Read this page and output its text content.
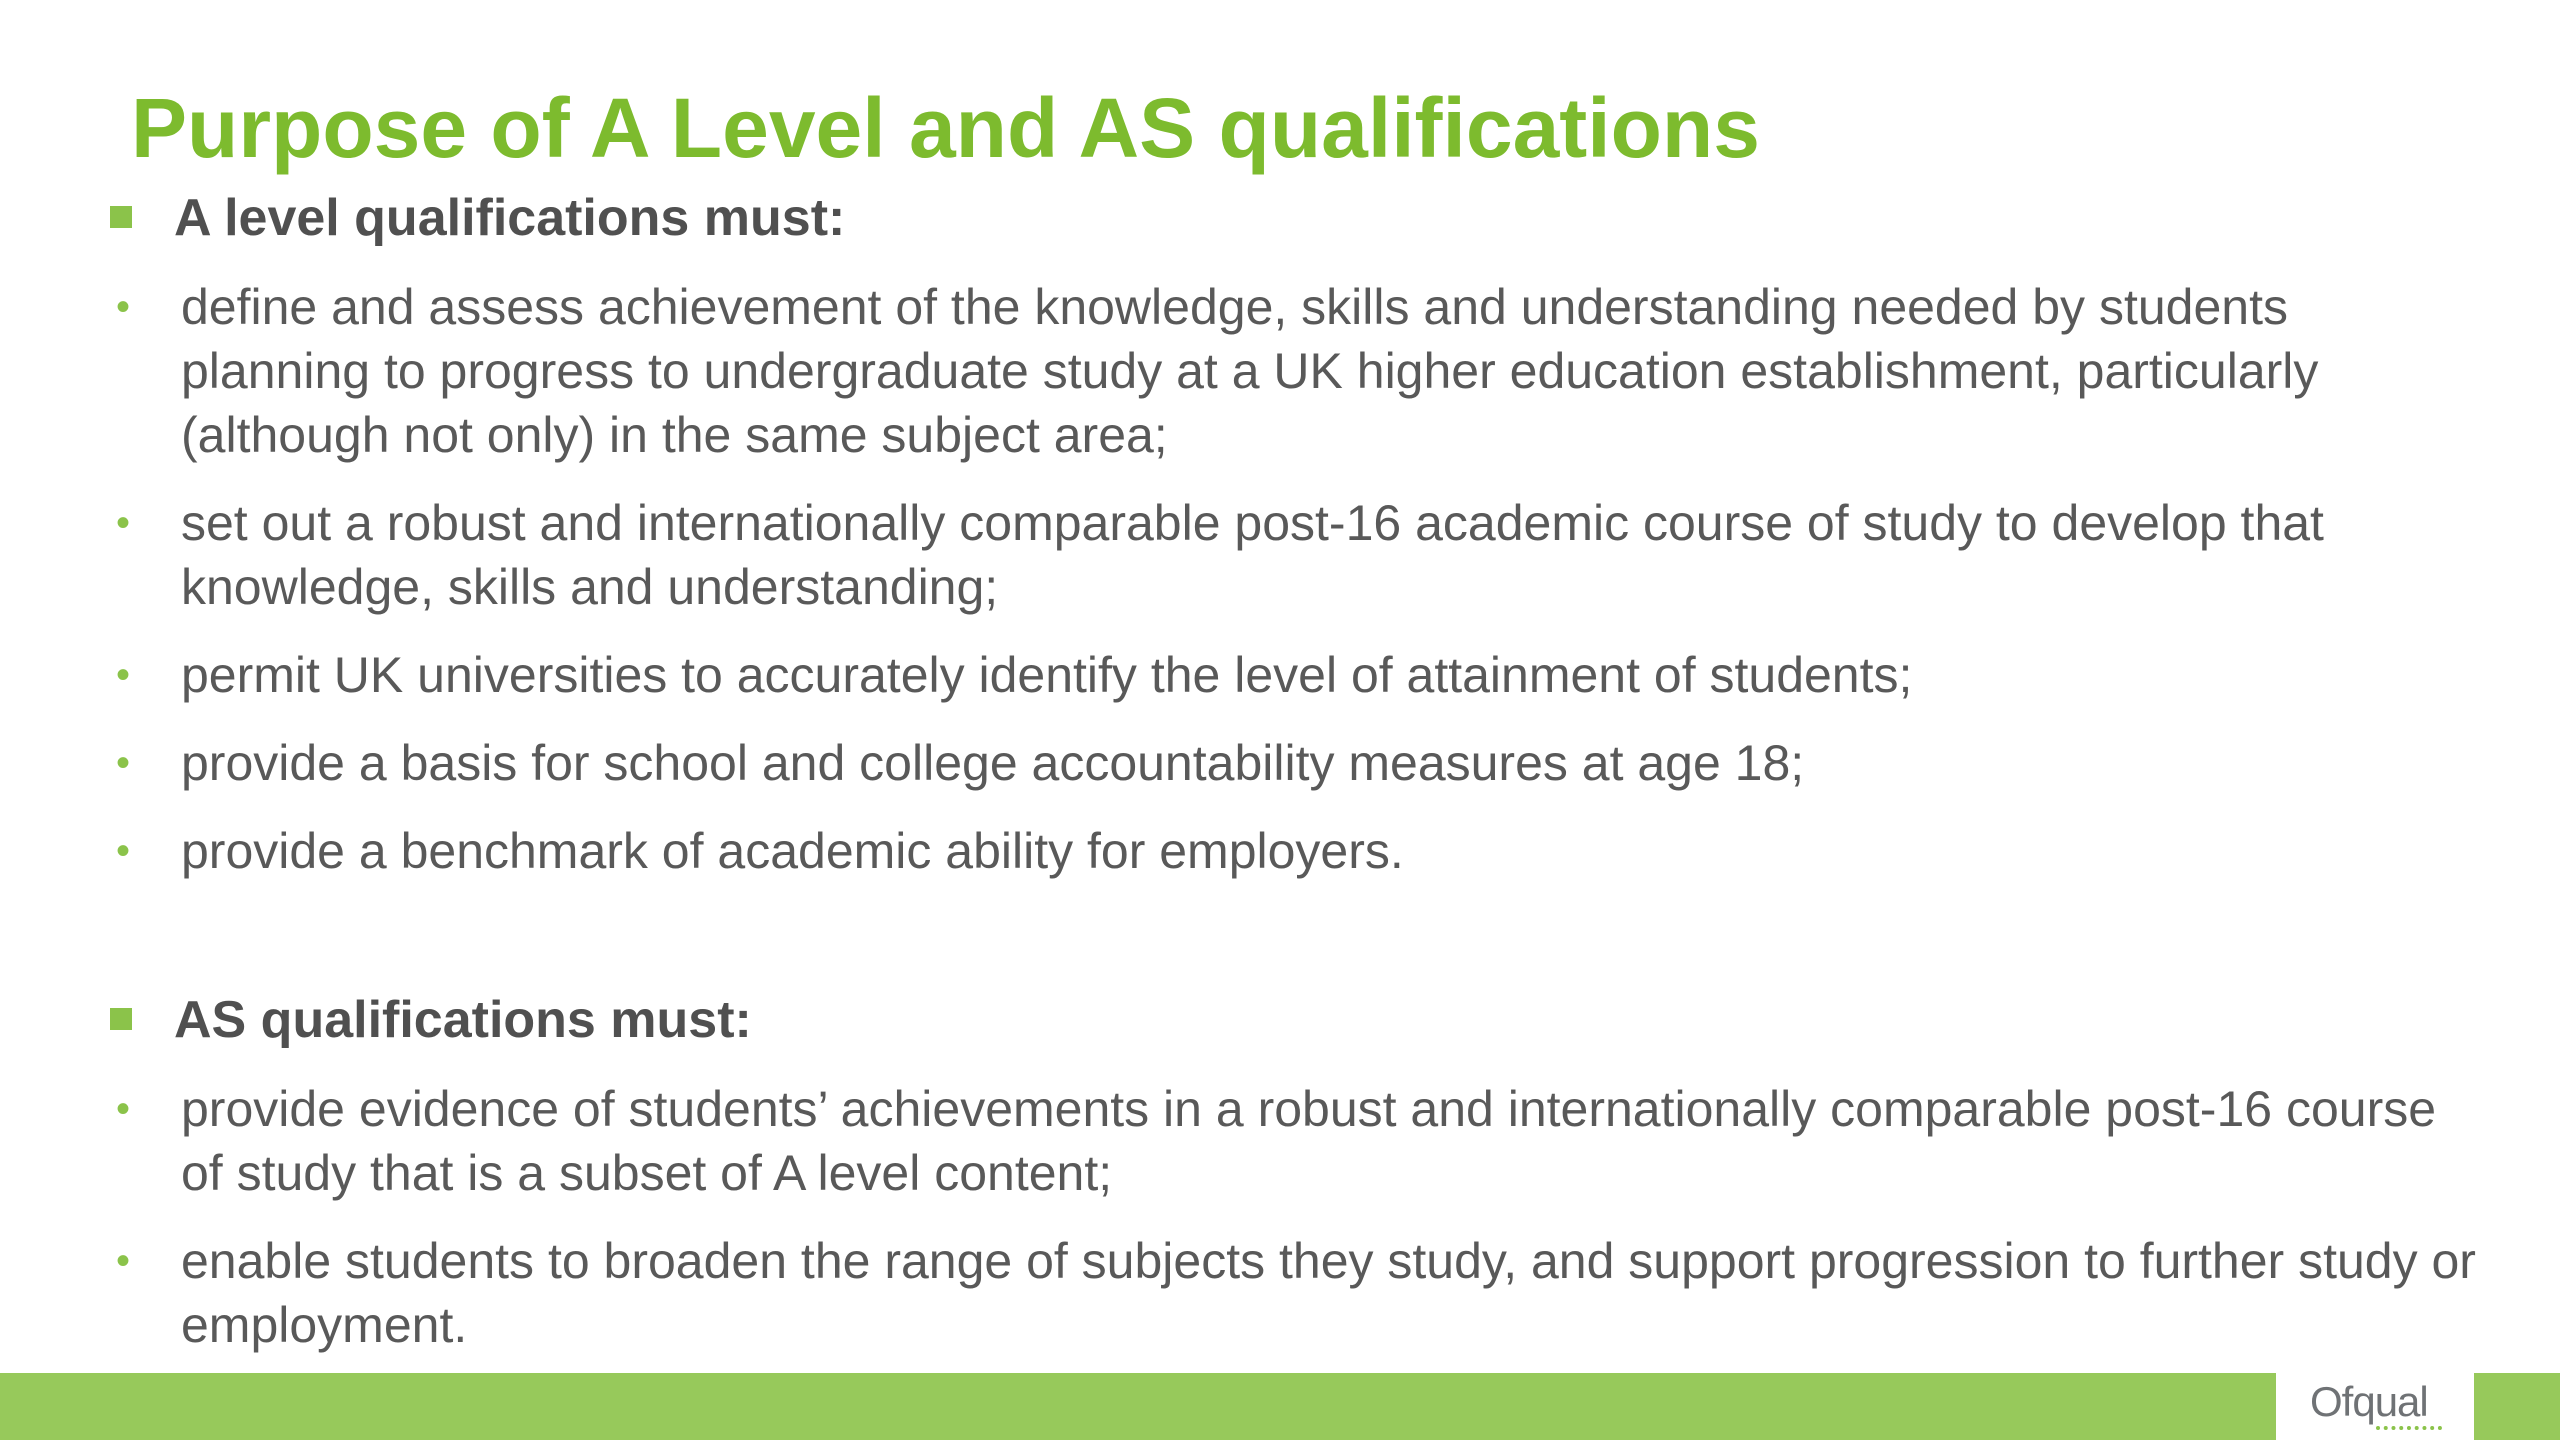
Purpose of A Level and AS qualifications
A level qualifications must:
• define and assess achievement of the knowledge, skills and understanding needed by students planning to progress to undergraduate study at a UK higher education establishment, particularly (although not only) in the same subject area;
• set out a robust and internationally comparable post-16 academic course of study to develop that knowledge, skills and understanding;
• permit UK universities to accurately identify the level of attainment of students;
• provide a basis for school and college accountability measures at age 18;
• provide a benchmark of academic ability for employers.
AS qualifications must:
• provide evidence of students’ achievements in a robust and internationally comparable post-16 course of study that is a subset of A level content;
• enable students to broaden the range of subjects they study, and support progression to further study or employment.
Ofqual
